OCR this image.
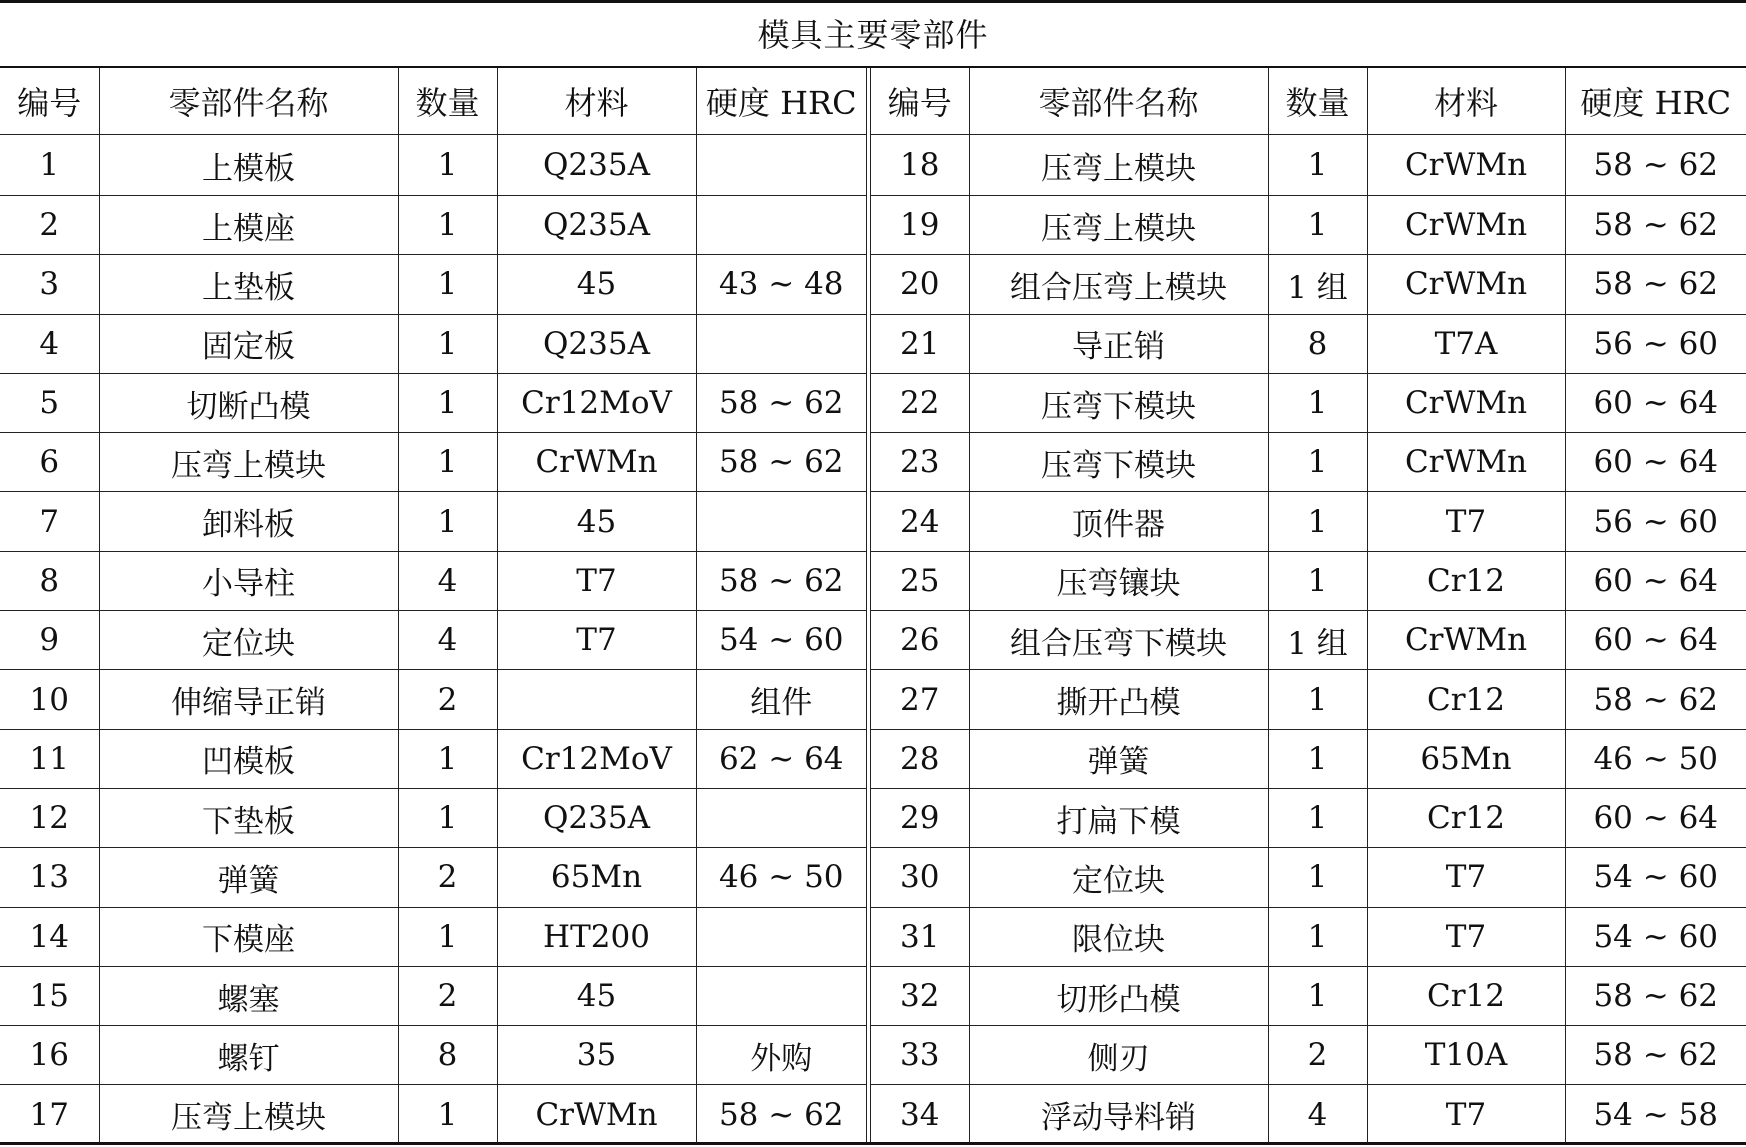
模具主要零部件
编号	零部件名称	数量	材料	硬度 HRC
1	上模板	1	Q235A	
2	上模座	1	Q235A	
3	上垫板	1	45	43 ~ 48
4	固定板	1	Q235A	
5	切断凸模	1	Cr12MoV	58 ~ 62
6	压弯上模块	1	CrWMn	58 ~ 62
7	卸料板	1	45	
8	小导柱	4	T7	58 ~ 62
9	定位块	4	T7	54 ~ 60
10	伸缩导正销	2		组件
11	凹模板	1	Cr12MoV	62 ~ 64
12	下垫板	1	Q235A	
13	弹簧	2	65Mn	46 ~ 50
14	下模座	1	HT200	
15	螺塞	2	45	
16	螺钉	8	35	外购
17	压弯上模块	1	CrWMn	58 ~ 62
编号	零部件名称	数量	材料	硬度 HRC
18	压弯上模块	1	CrWMn	58 ~ 62
19	压弯上模块	1	CrWMn	58 ~ 62
20	组合压弯上模块	1 组	CrWMn	58 ~ 62
21	导正销	8	T7A	56 ~ 60
22	压弯下模块	1	CrWMn	60 ~ 64
23	压弯下模块	1	CrWMn	60 ~ 64
24	顶件器	1	T7	56 ~ 60
25	压弯镶块	1	Cr12	60 ~ 64
26	组合压弯下模块	1 组	CrWMn	60 ~ 64
27	撕开凸模	1	Cr12	58 ~ 62
28	弹簧	1	65Mn	46 ~ 50
29	打扁下模	1	Cr12	60 ~ 64
30	定位块	1	T7	54 ~ 60
31	限位块	1	T7	54 ~ 60
32	切形凸模	1	Cr12	58 ~ 62
33	侧刃	2	T10A	58 ~ 62
34	浮动导料销	4	T7	54 ~ 58
